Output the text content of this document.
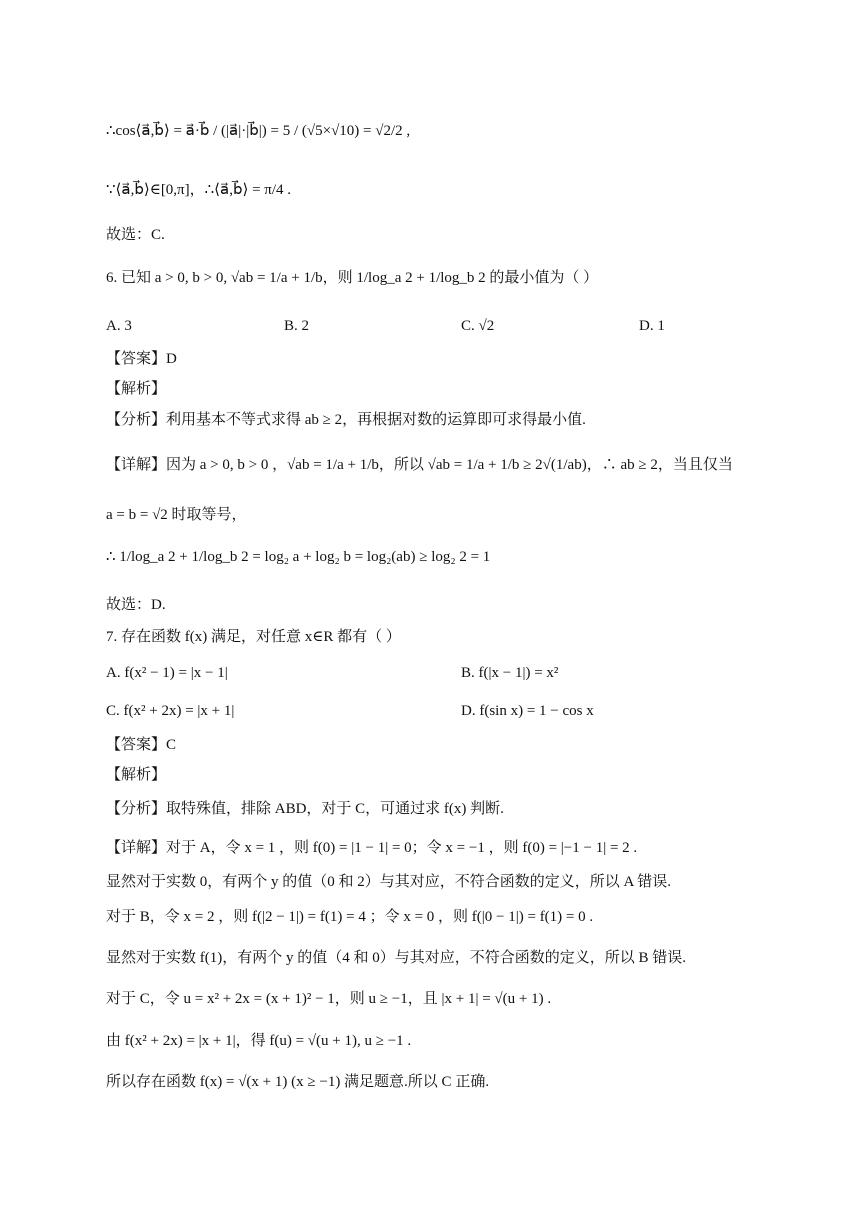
∴cos⟨a⃗,b⃗⟩ = a⃗·b⃗ / (|a⃗|·|b⃗|) = 5 / (√5×√10) = √2/2 ,
∵⟨a⃗,b⃗⟩∈[0,π]，∴⟨a⃗,b⃗⟩ = π/4 .
故选：C.
6. 已知 a > 0, b > 0, √ab = 1/a + 1/b，则 1/log_a 2 + 1/log_b 2 的最小值为（ ）
A. 3	B. 2	C. √2	D. 1
【答案】D
【解析】
【分析】利用基本不等式求得 ab ≥ 2，再根据对数的运算即可求得最小值.
【详解】因为 a > 0, b > 0 ，√ab = 1/a + 1/b，所以 √ab = 1/a + 1/b ≥ 2√(1/ab)，∴ ab ≥ 2，当且仅当
a = b = √2 时取等号，
∴ 1/log_a 2 + 1/log_b 2 = log₂ a + log₂ b = log₂(ab) ≥ log₂ 2 = 1
故选：D.
7. 存在函数 f(x) 满足，对任意 x∈R 都有（ ）
A. f(x² − 1) = |x − 1|	B. f(|x − 1|) = x²
C. f(x² + 2x) = |x + 1|	D. f(sin x) = 1 − cos x
【答案】C
【解析】
【分析】取特殊值，排除 ABD，对于 C，可通过求 f(x) 判断.
【详解】对于 A，令 x = 1 ，则 f(0) = |1 − 1| = 0；令 x = −1 ，则 f(0) = |−1 − 1| = 2 .
显然对于实数 0，有两个 y 的值（0 和 2）与其对应，不符合函数的定义，所以 A 错误.
对于 B，令 x = 2 ，则 f(|2 − 1|) = f(1) = 4 ；令 x = 0 ，则 f(|0 − 1|) = f(1) = 0 .
显然对于实数 f(1)，有两个 y 的值（4 和 0）与其对应，不符合函数的定义，所以 B 错误.
对于 C，令 u = x² + 2x = (x + 1)² − 1，则 u ≥ −1，且 |x + 1| = √(u + 1) .
由 f(x² + 2x) = |x + 1|，得 f(u) = √(u + 1), u ≥ −1 .
所以存在函数 f(x) = √(x + 1) (x ≥ −1) 满足题意.所以 C 正确.
